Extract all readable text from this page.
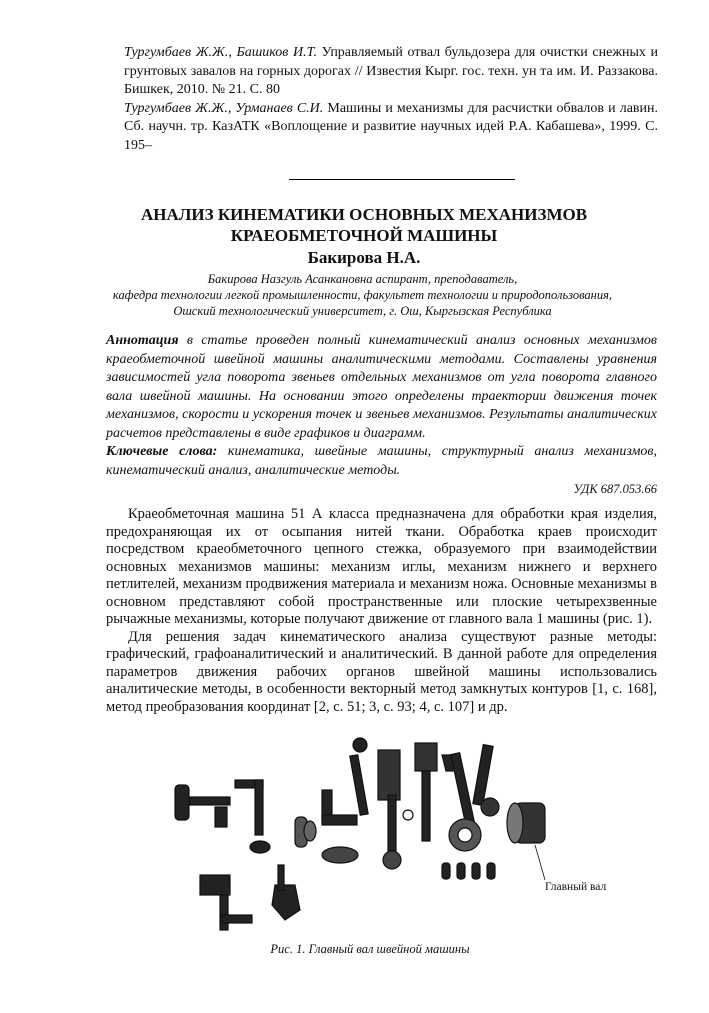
Тургумбаев Ж.Ж., Башиков И.Т. Управляемый отвал бульдозера для очистки снежных и грунтовых завалов на горных дорогах // Известия Кырг. гос. техн. ун та им. И. Раззакова. Бишкек, 2010. № 21. С. 80

Тургумбаев Ж.Ж., Урманаев С.И. Машины и механизмы для расчистки обвалов и лавин. Сб. научн. тр. КазАТК «Воплощение и развитие научных идей Р.А. Кабашева», 1999. С. 195–

АНАЛИЗ КИНЕМАТИКИ ОСНОВНЫХ МЕХАНИЗМОВ
КРАЕОБМЕТОЧНОЙ МАШИНЫ
Бакирова Н.А.
Бакирова Назгуль Асанкановна аспирант, преподаватель,
кафедра технологии легкой промышленности, факультет технологии и природопользования,
Ошский технологический университет, г. Ош, Кыргызская Республика

Аннотация в статье проведен полный кинематический анализ основных механизмов краеобметочной швейной машины аналитическими методами. Составлены уравнения зависимостей угла поворота звеньев отдельных механизмов от угла поворота главного вала швейной машины. На основании этого определены траектории движения точек механизмов, скорости и ускорения точек и звеньев механизмов. Результаты аналитических расчетов представлены в виде графиков и диаграмм.

Ключевые слова: кинематика, швейные машины, структурный анализ механизмов, кинематический анализ, аналитические методы.

УДК 687.053.66

Краеобметочная машина 51 А класса предназначена для обработки края изделия, предохраняющая их от осыпания нитей ткани. Обработка краев происходит посредством краеобметочного цепного стежка, образуемого при взаимодействии основных механизмов машины: механизм иглы, механизм нижнего и верхнего петлителей, механизм продвижения материала и механизм ножа. Основные механизмы в основном представляют собой пространственные или плоские четырехзвенные рычажные механизмы, которые получают движение от главного вала 1 машины (рис. 1).

Для решения задач кинематического анализа существуют разные методы: графический, графоаналитический и аналитический. В данной работе для определения параметров движения рабочих органов швейной машины использовались аналитические методы, в особенности векторный метод замкнутых контуров [1, с. 168], метод преобразования координат [2, с. 51; 3, с. 93; 4, с. 107] и др.

Главный вал
Рис. 1. Главный вал швейной машины
